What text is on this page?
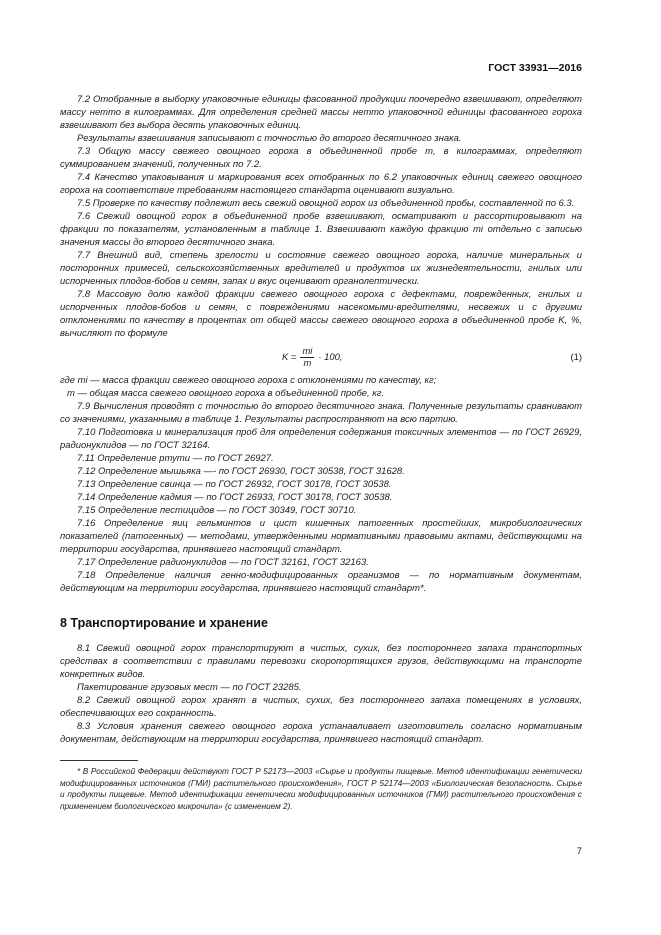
ГОСТ 33931—2016

7.2 Отобранные в выборку упаковочные единицы фасованной продукции поочередно взвешивают, определяют массу нетто в килограммах. Для определения средней массы нетто упаковочной единицы фасованного гороха взвешивают без выбора десять упаковочных единиц.

Результаты взвешивания записывают с точностью до второго десятичного знака.

7.3 Общую массу свежего овощного гороха в объединенной пробе m, в килограммах, определяют суммированием значений, полученных по 7.2.

7.4 Качество упаковывания и маркирования всех отобранных по 6.2 упаковочных единиц свежего овощного гороха на соответствие требованиям настоящего стандарта оценивают визуально.

7.5 Проверке по качеству подлежит весь свежий овощной горох из объединенной пробы, составленной по 6.3.

7.6 Свежий овощной горох в объединенной пробе взвешивают, осматривают и рассортировывают на фракции по показателям, установленным в таблице 1. Взвешивают каждую фракцию mi отдельно с записью значения массы до второго десятичного знака.

7.7 Внешний вид, степень зрелости и состояние свежего овощного гороха, наличие минеральных и посторонних примесей, сельскохозяйственных вредителей и продуктов их жизнедеятельности, гнилых или испорченных плодов-бобов и семян, запах и вкус оценивают органолептически.

7.8 Массовую долю каждой фракции свежего овощного гороха с дефектами, поврежденных, гнилых и испорченных плодов-бобов и семян, с повреждениями насекомыми-вредителями, несвежих и с другими отклонениями по качеству в процентах от общей массы свежего овощного гороха в объединенной пробе K, %, вычисляют по формуле

$K = \frac{mi}{m} \cdot 100$,	(1)

где mi — масса фракции свежего овощного гороха с отклонениями по качеству, кг;

m — общая масса свежего овощного гороха в объединенной пробе, кг.

7.9 Вычисления проводят с точностью до второго десятичного знака. Полученные результаты сравнивают со значениями, указанными в таблице 1. Результаты распространяют на всю партию.

7.10 Подготовка и минерализация проб для определения содержания токсичных элементов — по ГОСТ 26929, радионуклидов — по ГОСТ 32164.

7.11 Определение ртути — по ГОСТ 26927.

7.12 Определение мышьяка —- по ГОСТ 26930, ГОСТ 30538, ГОСТ 31628.

7.13 Определение свинца — по ГОСТ 26932, ГОСТ 30178, ГОСТ 30538.

7.14 Определение кадмия — по ГОСТ 26933, ГОСТ 30178, ГОСТ 30538.

7.15 Определение пестицидов — по ГОСТ 30349, ГОСТ 30710.

7.16 Определение яиц гельминтов и цист кишечных патогенных простейших, микробиологических показателей (патогенных) — методами, утвержденными нормативными правовыми актами, действующими на территории государства, принявшего настоящий стандарт.

7.17 Определение радионуклидов — по ГОСТ 32161, ГОСТ 32163.

7.18 Определение наличия генно-модифицированных организмов — по нормативным документам, действующим на территории государства, принявшего настоящий стандарт*.

8 Транспортирование и хранение

8.1 Свежий овощной горох транспортируют в чистых, сухих, без постороннего запаха транспортных средствах в соответствии с правилами перевозки скоропортящихся грузов, действующими на транспорте конкретных видов.

Пакетирование грузовых мест — по ГОСТ 23285.

8.2 Свежий овощной горох хранят в чистых, сухих, без постороннего запаха помещениях в условиях, обеспечивающих его сохранность.

8.3 Условия хранения свежего овощного гороха устанавливает изготовитель согласно нормативным документам, действующим на территории государства, принявшего настоящий стандарт.

* В Российской Федерации действуют ГОСТ Р 52173—2003 «Сырье и продукты пищевые. Метод идентификации генетически модифицированных источников (ГМИ) растительного происхождения», ГОСТ Р 52174—2003 «Биологическая безопасность. Сырье и продукты пищевые. Метод идентификации генетически модифицированных источников (ГМИ) растительного происхождения с применением биологического микрочипа» (с изменением 2).

7
